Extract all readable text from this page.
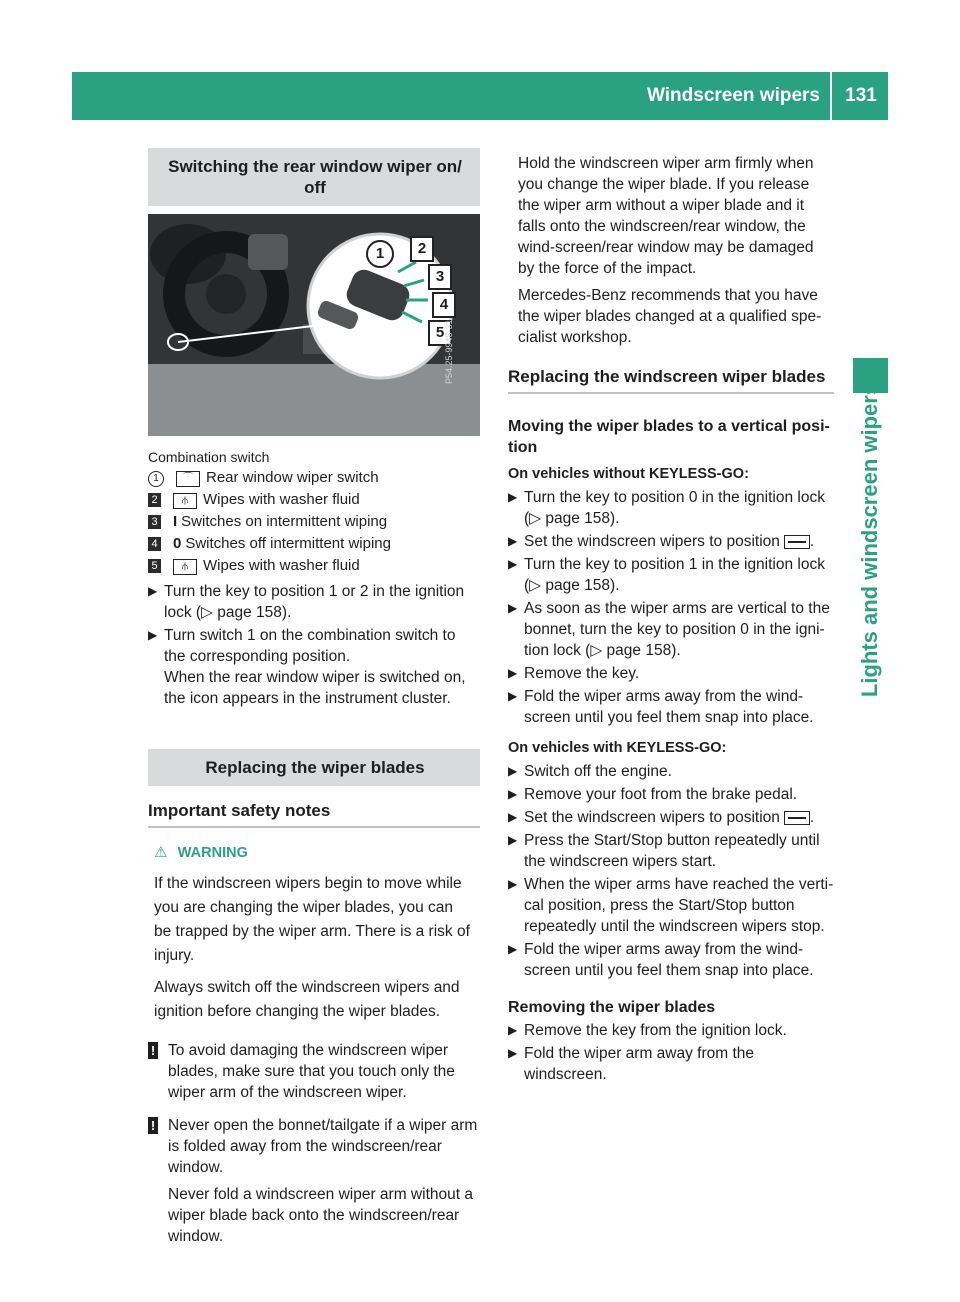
Windscreen wipers	131
Lights and windscreen wipers
Switching the rear window wiper on/ off
1	2
3
4
5 P54.25-9948-31
Combination switch
1	⌒ Rear window wiper switch
2	⫛	Wipes with washer fluid
3 I Switches on intermittent wiping
4 0 Switches off intermittent wiping
5	⫛	Wipes with washer fluid
▶ Turn the key to position 1 or 2 in the ignition lock (▷ page 158).
▶ Turn switch 1 on the combination switch to the corresponding position.
When the rear window wiper is switched on, the icon appears in the instrument cluster.
Replacing the wiper blades
Important safety notes
⚠ WARNING
If the windscreen wipers begin to move while you are changing the wiper blades, you can be trapped by the wiper arm. There is a risk of injury.
Always switch off the windscreen wipers and ignition before changing the wiper blades.
! To avoid damaging the windscreen wiper blades, make sure that you touch only the wiper arm of the windscreen wiper.
! Never open the bonnet/tailgate if a wiper arm is folded away from the windscreen/rear window.
Never fold a windscreen wiper arm without a wiper blade back onto the windscreen/rear window.
Hold the windscreen wiper arm firmly when you change the wiper blade. If you release the wiper arm without a wiper blade and it falls onto the windscreen/rear window, the wind-screen/rear window may be damaged by the force of the impact.
Mercedes-Benz recommends that you have the wiper blades changed at a qualified spe-cialist workshop.
Replacing the windscreen wiper blades
Moving the wiper blades to a vertical posi-tion
On vehicles without KEYLESS-GO:
▶ Turn the key to position 0 in the ignition lock (▷ page 158).
▶ Set the windscreen wipers to position .
▶ Turn the key to position 1 in the ignition lock (▷ page 158).
▶ As soon as the wiper arms are vertical to the bonnet, turn the key to position 0 in the igni-tion lock (▷ page 158).
▶ Remove the key.
▶ Fold the wiper arms away from the wind-screen until you feel them snap into place.
On vehicles with KEYLESS-GO:
▶ Switch off the engine.
▶ Remove your foot from the brake pedal.
▶ Set the windscreen wipers to position .
▶ Press the Start/Stop button repeatedly until the windscreen wipers start.
▶ When the wiper arms have reached the verti-cal position, press the Start/Stop button repeatedly until the windscreen wipers stop.
▶ Fold the wiper arms away from the wind-screen until you feel them snap into place.
Removing the wiper blades
▶ Remove the key from the ignition lock.
▶ Fold the wiper arm away from the windscreen.
